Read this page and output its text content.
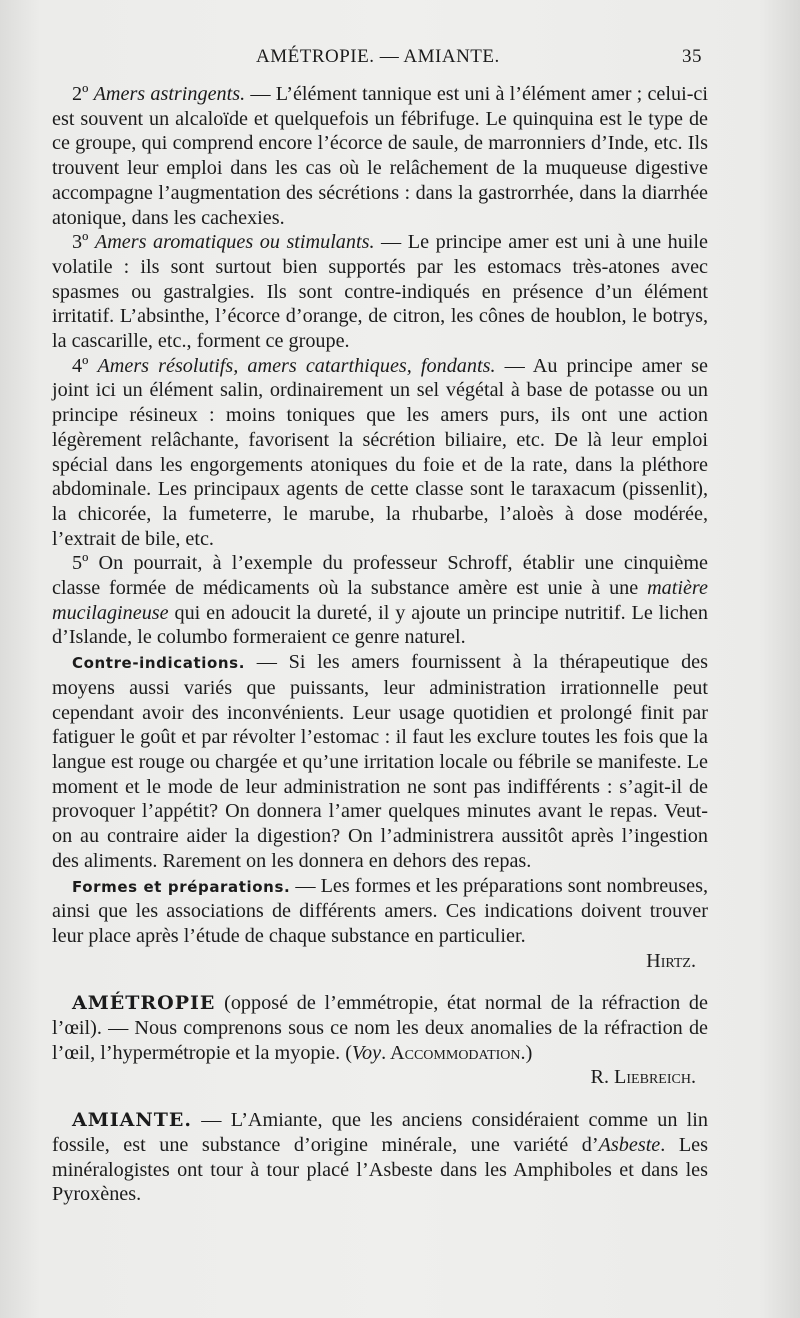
AMÉTROPIE. — AMIANTE.	35

2º Amers astringents. — L’élément tannique est uni à l’élément amer ; celui-ci est souvent un alcaloïde et quelquefois un fébrifuge. Le quinquina est le type de ce groupe, qui comprend encore l’écorce de saule, de marronniers d’Inde, etc. Ils trouvent leur emploi dans les cas où le relâchement de la muqueuse digestive accompagne l’augmentation des sécrétions : dans la gastrorrhée, dans la diarrhée atonique, dans les cachexies.

3º Amers aromatiques ou stimulants. — Le principe amer est uni à une huile volatile : ils sont surtout bien supportés par les estomacs très-atones avec spasmes ou gastralgies. Ils sont contre-indiqués en présence d’un élément irritatif. L’absinthe, l’écorce d’orange, de citron, les cônes de houblon, le botrys, la cascarille, etc., forment ce groupe.

4º Amers résolutifs, amers catarthiques, fondants. — Au principe amer se joint ici un élément salin, ordinairement un sel végétal à base de potasse ou un principe résineux : moins toniques que les amers purs, ils ont une action légèrement relâchante, favorisent la sécrétion biliaire, etc. De là leur emploi spécial dans les engorgements atoniques du foie et de la rate, dans la pléthore abdominale. Les principaux agents de cette classe sont le taraxacum (pissenlit), la chicorée, la fumeterre, le marube, la rhubarbe, l’aloès à dose modérée, l’extrait de bile, etc.

5º On pourrait, à l’exemple du professeur Schroff, établir une cinquième classe formée de médicaments où la substance amère est unie à une matière mucilagineuse qui en adoucit la dureté, il y ajoute un principe nutritif. Le lichen d’Islande, le columbo formeraient ce genre naturel.

Contre-indications. — Si les amers fournissent à la thérapeutique des moyens aussi variés que puissants, leur administration irrationnelle peut cependant avoir des inconvénients. Leur usage quotidien et prolongé finit par fatiguer le goût et par révolter l’estomac : il faut les exclure toutes les fois que la langue est rouge ou chargée et qu’une irritation locale ou fébrile se manifeste. Le moment et le mode de leur administration ne sont pas indifférents : s’agit-il de provoquer l’appétit? On donnera l’amer quelques minutes avant le repas. Veut-on au contraire aider la digestion? On l’administrera aussitôt après l’ingestion des aliments. Rarement on les donnera en dehors des repas.

Formes et préparations. — Les formes et les préparations sont nombreuses, ainsi que les associations de différents amers. Ces indications doivent trouver leur place après l’étude de chaque substance en particulier.

Hirtz.

AMÉTROPIE (opposé de l’emmétropie, état normal de la réfraction de l’œil). — Nous comprenons sous ce nom les deux anomalies de la réfraction de l’œil, l’hypermétropie et la myopie. (Voy. Accommodation.)

R. Liebreich.

AMIANTE. — L’Amiante, que les anciens considéraient comme un lin fossile, est une substance d’origine minérale, une variété d’Asbeste. Les minéralogistes ont tour à tour placé l’Asbeste dans les Amphiboles et dans les Pyroxènes.
